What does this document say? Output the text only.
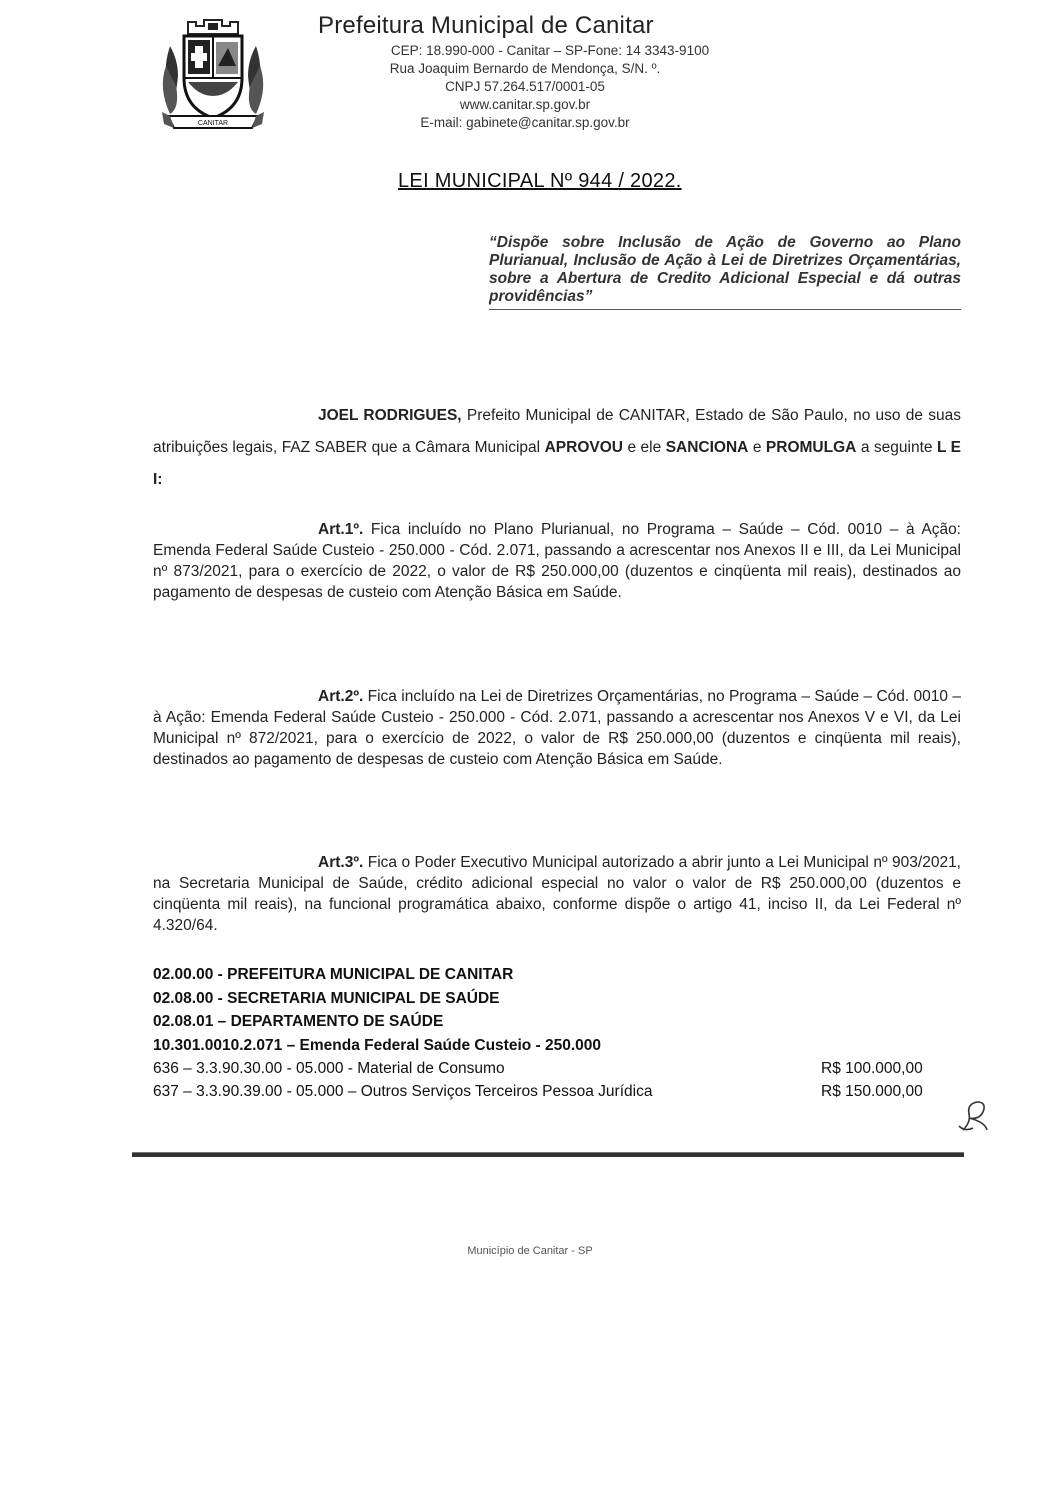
CANITAR
Prefeitura Municipal de Canitar
CEP: 18.990-000 - Canitar – SP-Fone: 14 3343-9100
Rua Joaquim Bernardo de Mendonça, S/N. º.
CNPJ 57.264.517/0001-05
www.canitar.sp.gov.br
E-mail: gabinete@canitar.sp.gov.br
LEI MUNICIPAL Nº 944 / 2022.
“Dispõe sobre Inclusão de Ação de Governo ao Plano Plurianual, Inclusão de Ação à Lei de Diretrizes Orçamentárias, sobre a Abertura de Credito Adicional Especial e dá outras providências”
JOEL RODRIGUES, Prefeito Municipal de CANITAR, Estado de São Paulo, no uso de suas atribuições legais, FAZ SABER que a Câmara Municipal APROVOU e ele SANCIONA e PROMULGA a seguinte L E I:
Art.1º. Fica incluído no Plano Plurianual, no Programa – Saúde – Cód. 0010 – à Ação: Emenda Federal Saúde Custeio - 250.000 - Cód. 2.071, passando a acrescentar nos Anexos II e III, da Lei Municipal nº 873/2021, para o exercício de 2022, o valor de R$ 250.000,00 (duzentos e cinqüenta mil reais), destinados ao pagamento de despesas de custeio com Atenção Básica em Saúde.
Art.2º. Fica incluído na Lei de Diretrizes Orçamentárias, no Programa – Saúde – Cód. 0010 – à Ação: Emenda Federal Saúde Custeio - 250.000 - Cód. 2.071, passando a acrescentar nos Anexos V e VI, da Lei Municipal nº 872/2021, para o exercício de 2022, o valor de R$ 250.000,00 (duzentos e cinqüenta mil reais), destinados ao pagamento de despesas de custeio com Atenção Básica em Saúde.
Art.3º. Fica o Poder Executivo Municipal autorizado a abrir junto a Lei Municipal nº 903/2021, na Secretaria Municipal de Saúde, crédito adicional especial no valor o valor de R$ 250.000,00 (duzentos e cinqüenta mil reais), na funcional programática abaixo, conforme dispõe o artigo 41, inciso II, da Lei Federal nº 4.320/64.
02.00.00 - PREFEITURA MUNICIPAL DE CANITAR
02.08.00 - SECRETARIA MUNICIPAL DE SAÚDE
02.08.01 – DEPARTAMENTO DE SAÚDE
10.301.0010.2.071 – Emenda Federal Saúde Custeio - 250.000
636 – 3.3.90.30.00 - 05.000 - Material de Consumo	R$ 100.000,00
637 – 3.3.90.39.00 - 05.000 – Outros Serviços Terceiros Pessoa Jurídica	R$ 150.000,00
Município de Canitar - SP
